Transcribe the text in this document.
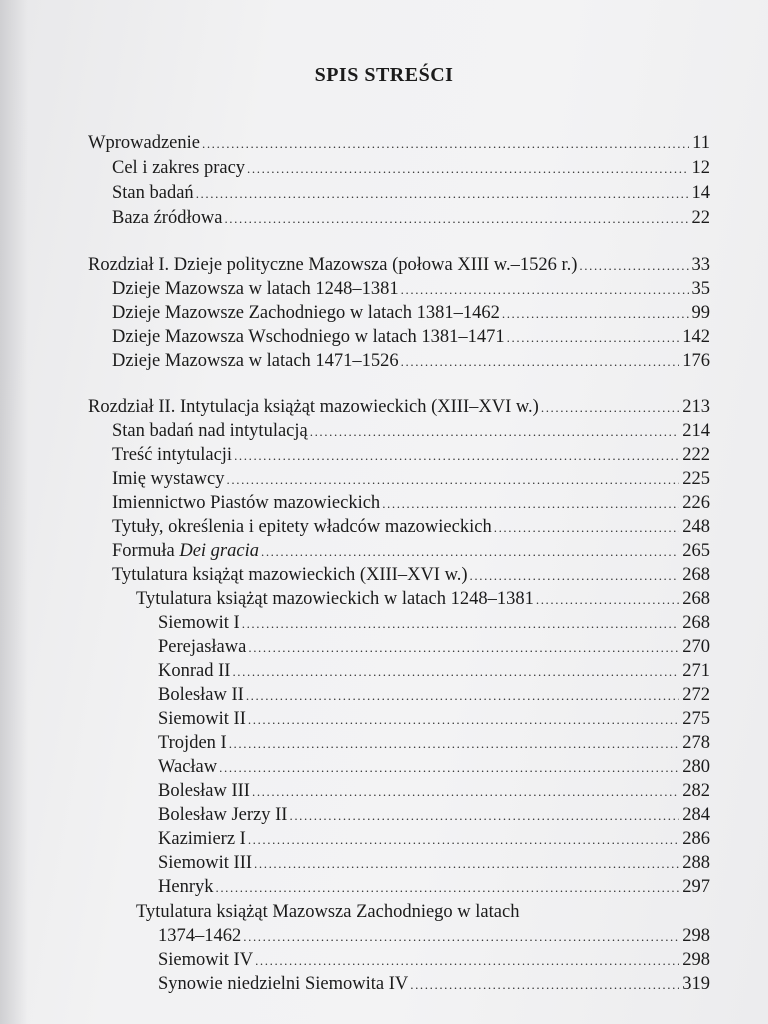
SPIS STREŚCI
Wprowadzenie .....	11
Cel i zakres pracy .....	12
Stan badań .....	14
Baza źródłowa .....	22
Rozdział I. Dzieje polityczne Mazowsza (połowa XIII w.–1526 r.) .....	33
Dzieje Mazowsza w latach 1248–1381 .....	35
Dzieje Mazowsze Zachodniego w latach 1381–1462 .....	99
Dzieje Mazowsza Wschodniego w latach 1381–1471 .....	142
Dzieje Mazowsza w latach 1471–1526 .....	176
Rozdział II. Intytulacja książąt mazowieckich (XIII–XVI w.) .....	213
Stan badań nad intytulacją .....	214
Treść intytulacji .....	222
Imię wystawcy .....	225
Imiennictwo Piastów mazowieckich .....	226
Tytuły, określenia i epitety władców mazowieckich .....	248
Formuła Dei gracia .....	265
Tytulatura książąt mazowieckich (XIII–XVI w.) .....	268
Tytulatura książąt mazowieckich w latach 1248–1381 .....	268
Siemowit I .....	268
Perejasława .....	270
Konrad II .....	271
Bolesław II .....	272
Siemowit II .....	275
Trojden I .....	278
Wacław .....	280
Bolesław III .....	282
Bolesław Jerzy II .....	284
Kazimierz I .....	286
Siemowit III .....	288
Henryk .....	297
Tytulatura książąt Mazowsza Zachodniego w latach
1374–1462 .....	298
Siemowit IV .....	298
Synowie niedzielni Siemowita IV .....	319
